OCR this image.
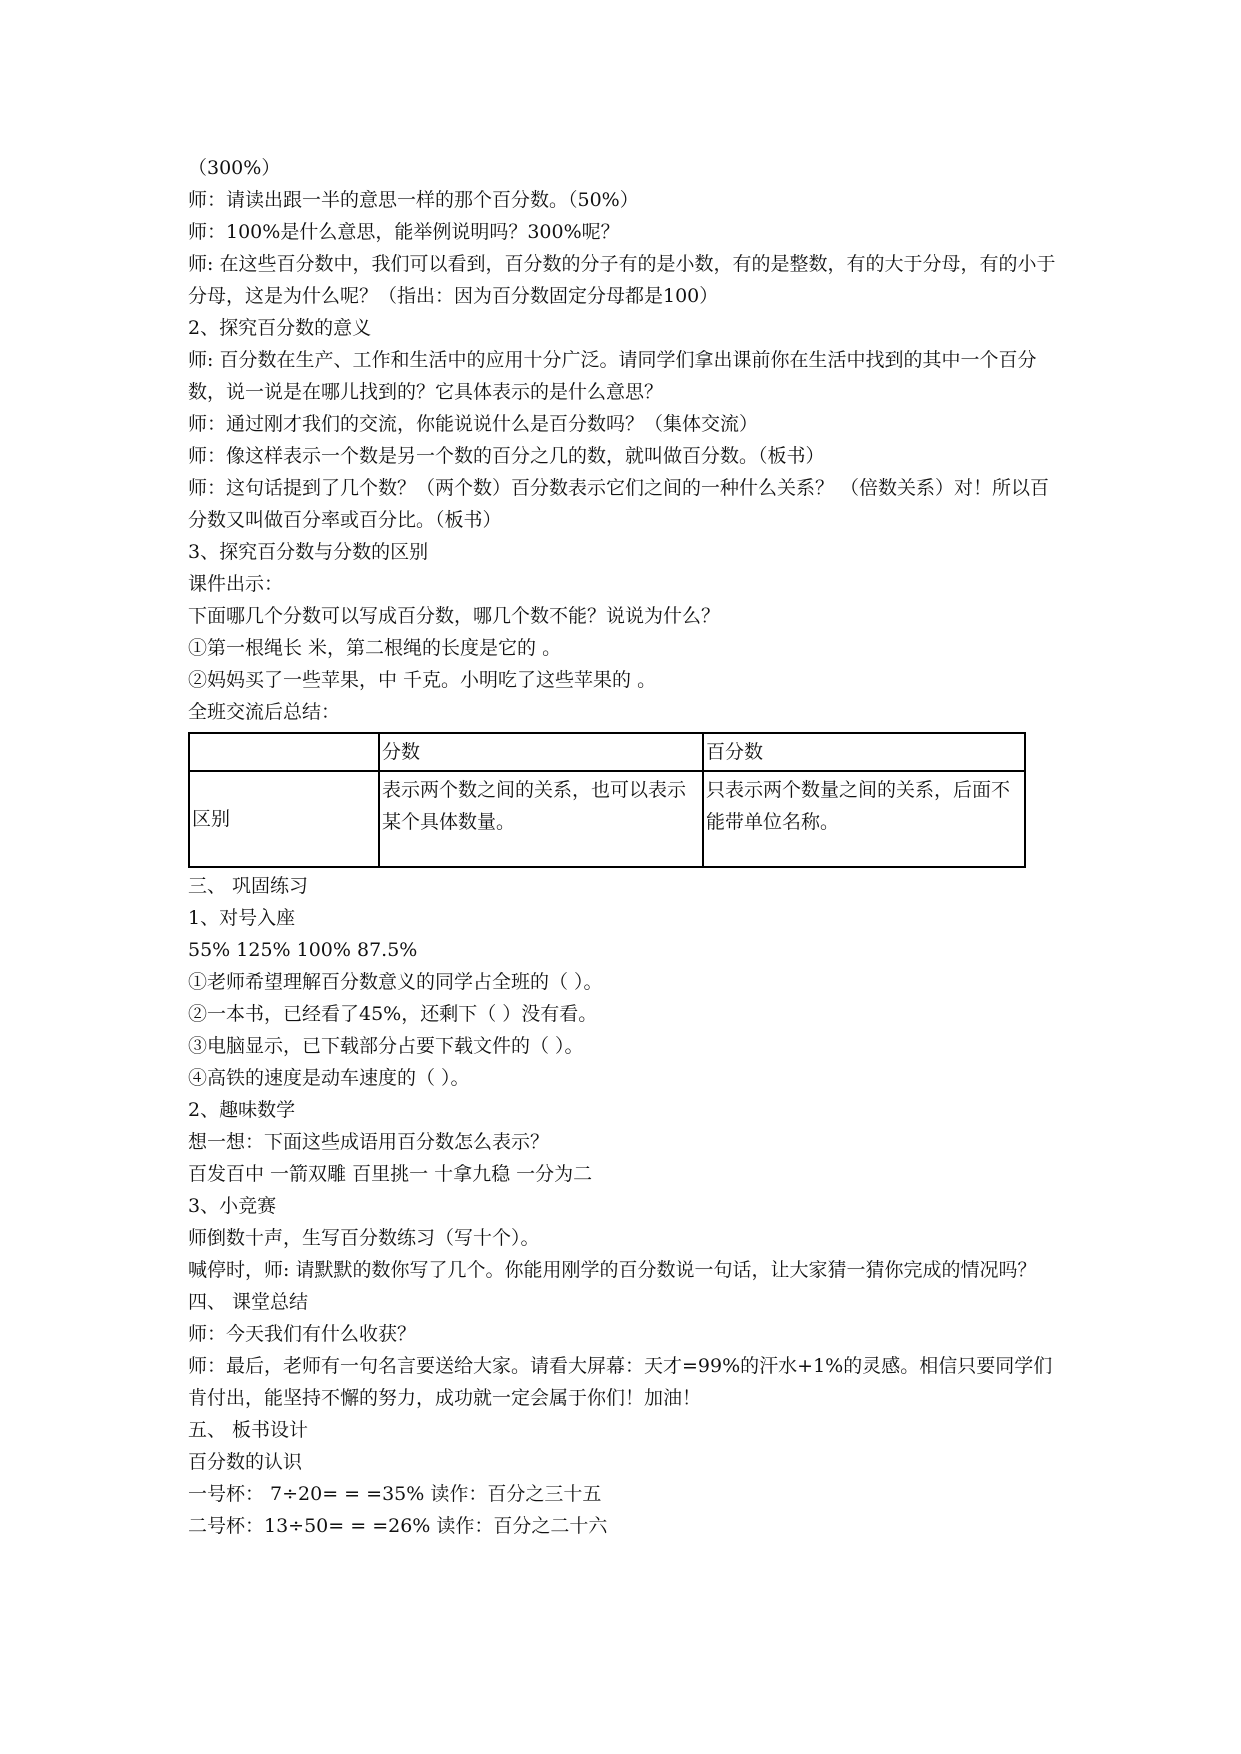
（300%）
师：请读出跟一半的意思一样的那个百分数。（50%）
师：100%是什么意思，能举例说明吗？300%呢？
师: 在这些百分数中，我们可以看到，百分数的分子有的是小数，有的是整数，有的大于分母，有的小于分母，这是为什么呢？（指出：因为百分数固定分母都是100）
2、探究百分数的意义
师: 百分数在生产、工作和生活中的应用十分广泛。请同学们拿出课前你在生活中找到的其中一个百分数，说一说是在哪儿找到的？它具体表示的是什么意思？
师：通过刚才我们的交流，你能说说什么是百分数吗？（集体交流）
师：像这样表示一个数是另一个数的百分之几的数，就叫做百分数。（板书）
师：这句话提到了几个数？（两个数）百分数表示它们之间的一种什么关系？ （倍数关系）对！所以百分数又叫做百分率或百分比。（板书）
3、探究百分数与分数的区别
课件出示：
下面哪几个分数可以写成百分数，哪几个数不能？说说为什么？
①第一根绳长 米，第二根绳的长度是它的 。
②妈妈买了一些苹果，中 千克。小明吃了这些苹果的 。
全班交流后总结：
	分数	百分数
区别	表示两个数之间的关系，也可以表示某个具体数量。	只表示两个数量之间的关系，后面不能带单位名称。
三、 巩固练习
1、对号入座
55% 125% 100% 87.5%
①老师希望理解百分数意义的同学占全班的（ ）。
②一本书，已经看了45%，还剩下（ ）没有看。
③电脑显示，已下载部分占要下载文件的（ ）。
④高铁的速度是动车速度的（ ）。
2、趣味数学
想一想：下面这些成语用百分数怎么表示？
百发百中 一箭双雕 百里挑一 十拿九稳 一分为二
3、小竞赛
师倒数十声，生写百分数练习（写十个）。
喊停时，师: 请默默的数你写了几个。你能用刚学的百分数说一句话，让大家猜一猜你完成的情况吗？
四、 课堂总结
师：今天我们有什么收获？
师：最后，老师有一句名言要送给大家。请看大屏幕：天才=99%的汗水+1%的灵感。相信只要同学们肯付出，能坚持不懈的努力，成功就一定会属于你们！加油！
五、 板书设计
百分数的认识
一号杯： 7÷20= = =35% 读作：百分之三十五
二号杯：13÷50= = =26% 读作：百分之二十六
